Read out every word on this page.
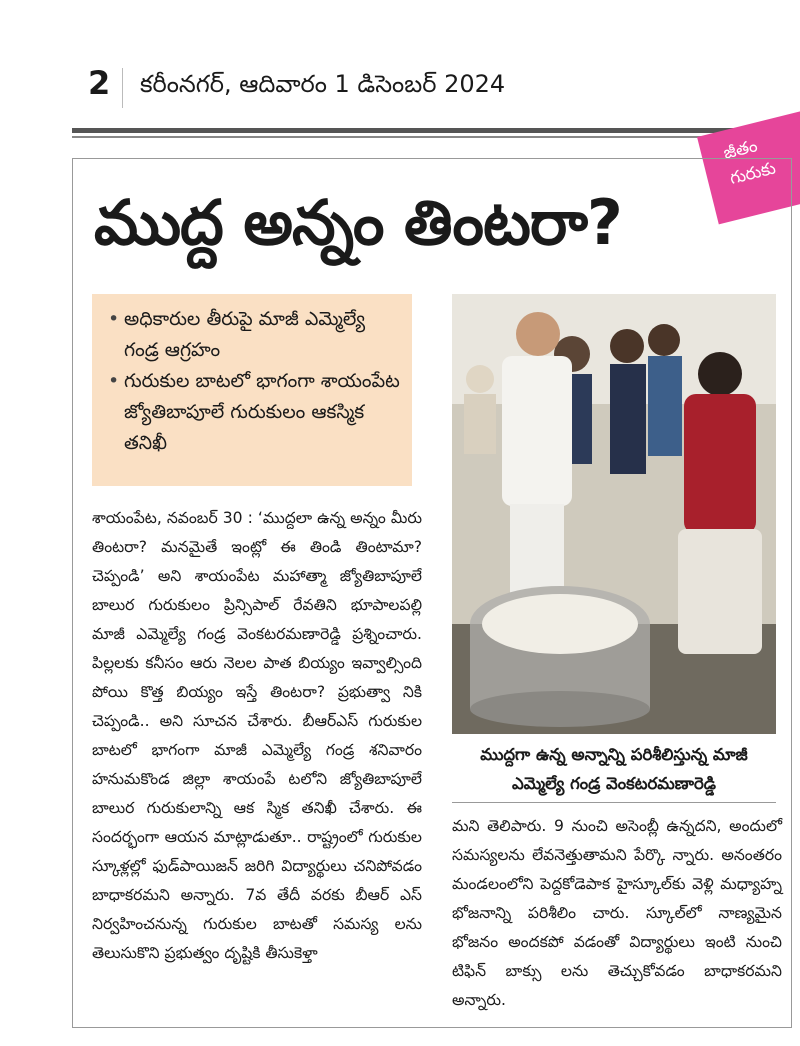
2 కరీంనగర్, ఆదివారం 1 డిసెంబర్ 2024
జీతం
గురుకు
ముద్ద అన్నం తింటరా?
• అధికారుల తీరుపై మాజీ ఎమ్మెల్యే గండ్ర ఆగ్రహం
• గురుకుల బాటలో భాగంగా శాయంపేట జ్యోతిబాపూలే గురుకులం ఆకస్మిక తనిఖీ
శాయంపేట, నవంబర్ 30 : ‘ముద్దలా ఉన్న అన్నం మీరు తింటరా? మనమైతే ఇంట్లో ఈ తిండి తింటామా? చెప్పండి’ అని శాయంపేట మహాత్మా జ్యోతిబాపూలే బాలుర గురుకులం ప్రిన్సిపాల్ రేవతిని భూపాలపల్లి మాజీ ఎమ్మెల్యే గండ్ర వెంకటరమణారెడ్డి ప్రశ్నించారు. పిల్లలకు కనీసం ఆరు నెలల పాత బియ్యం ఇవ్వాల్సింది పోయి కొత్త బియ్యం ఇస్తే తింటరా? ప్రభుత్వా నికి చెప్పండి.. అని సూచన చేశారు. బీఆర్ఎస్ గురుకుల బాటలో భాగంగా మాజీ ఎమ్మెల్యే గండ్ర శనివారం హనుమకొండ జిల్లా శాయంపే టలోని జ్యోతిబాపూలే బాలుర గురుకులాన్ని ఆక స్మిక తనిఖీ చేశారు. ఈ సందర్భంగా ఆయన మాట్లాడుతూ.. రాష్ట్రంలో గురుకుల స్కూళ్లల్లో ఫుడ్‌పాయిజన్ జరిగి విద్యార్థులు చనిపోవడం బాధాకరమని అన్నారు. 7వ తేదీ వరకు బీఆర్ ఎస్ నిర్వహించనున్న గురుకుల బాటతో సమస్య లను తెలుసుకొని ప్రభుత్వం దృష్టికి తీసుకెళ్తా
ముద్దగా ఉన్న అన్నాన్ని పరిశీలిస్తున్న మాజీ ఎమ్మెల్యే గండ్ర వెంకటరమణారెడ్డి
మని తెలిపారు. 9 నుంచి అసెంబ్లీ ఉన్నదని, అందులో సమస్యలను లేవనెత్తుతామని పేర్కొ న్నారు. అనంతరం మండలంలోని పెద్దకోడెపాక హైస్కూల్‌కు వెళ్లి మధ్యాహ్న భోజనాన్ని పరిశీలిం చారు. స్కూల్‌లో నాణ్యమైన భోజనం అందకపో వడంతో విద్యార్థులు ఇంటి నుంచి టిఫిన్ బాక్సు లను తెచ్చుకోవడం బాధాకరమని అన్నారు.
